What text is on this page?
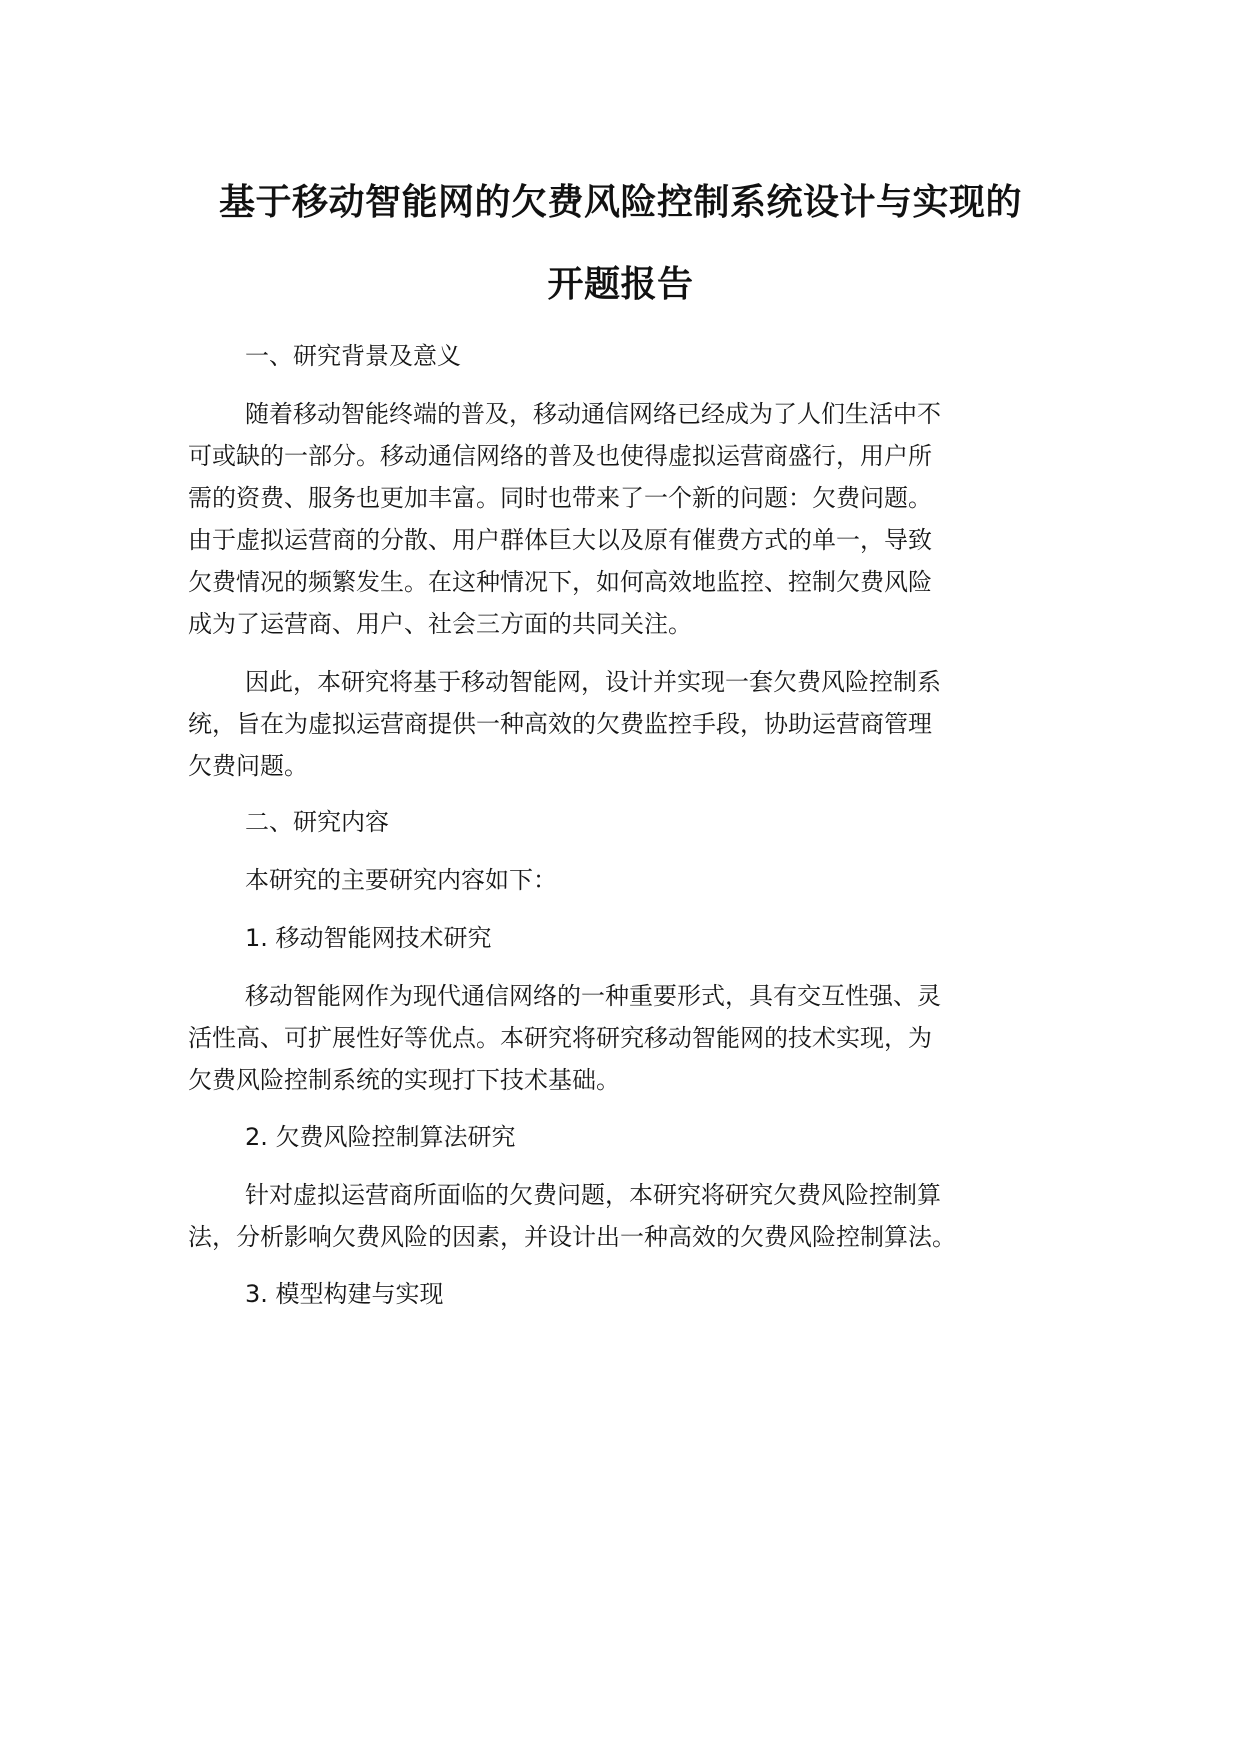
基于移动智能网的欠费风险控制系统设计与实现的
开题报告
一、研究背景及意义
随着移动智能终端的普及，移动通信网络已经成为了人们生活中不
可或缺的一部分。移动通信网络的普及也使得虚拟运营商盛行，用户所
需的资费、服务也更加丰富。同时也带来了一个新的问题：欠费问题。
由于虚拟运营商的分散、用户群体巨大以及原有催费方式的单一，导致
欠费情况的频繁发生。在这种情况下，如何高效地监控、控制欠费风险
成为了运营商、用户、社会三方面的共同关注。
因此，本研究将基于移动智能网，设计并实现一套欠费风险控制系
统，旨在为虚拟运营商提供一种高效的欠费监控手段，协助运营商管理
欠费问题。
二、研究内容
本研究的主要研究内容如下：
1. 移动智能网技术研究
移动智能网作为现代通信网络的一种重要形式，具有交互性强、灵
活性高、可扩展性好等优点。本研究将研究移动智能网的技术实现，为
欠费风险控制系统的实现打下技术基础。
2. 欠费风险控制算法研究
针对虚拟运营商所面临的欠费问题，本研究将研究欠费风险控制算
法，分析影响欠费风险的因素，并设计出一种高效的欠费风险控制算法。
3. 模型构建与实现
